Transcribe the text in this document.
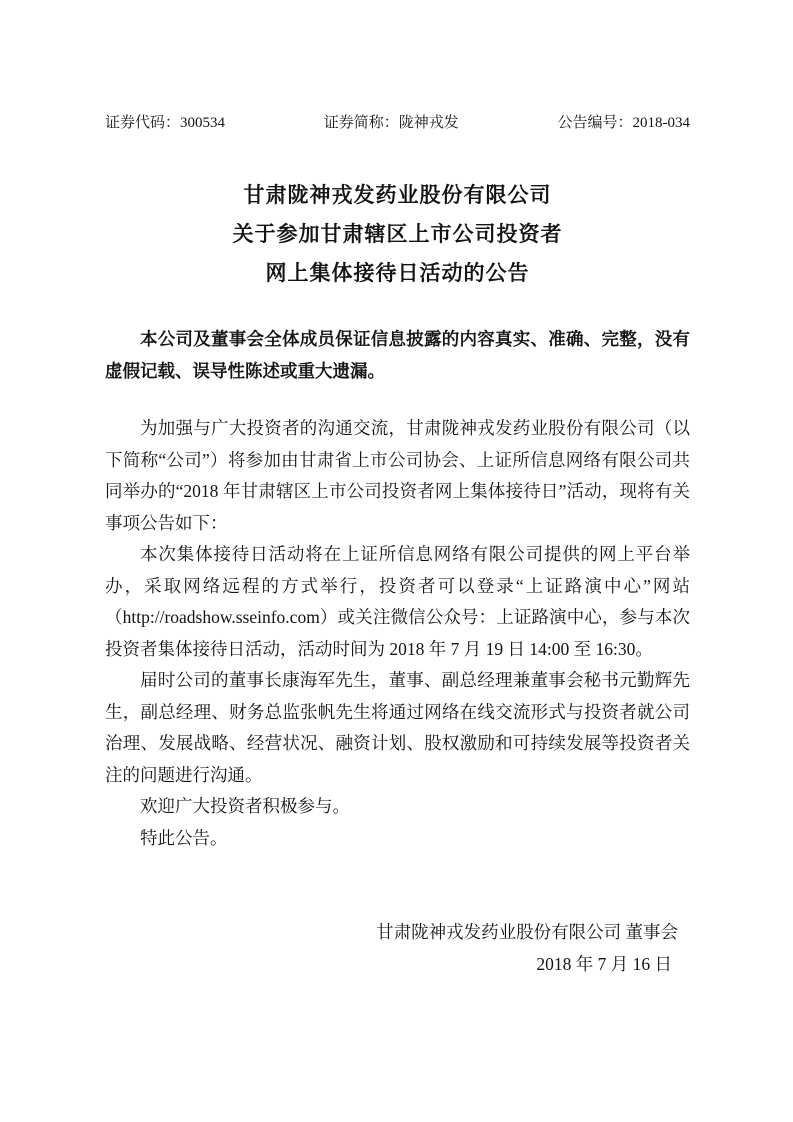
证券代码：300534	证券简称：陇神戎发	公告编号：2018-034
甘肃陇神戎发药业股份有限公司
关于参加甘肃辖区上市公司投资者
网上集体接待日活动的公告

本公司及董事会全体成员保证信息披露的内容真实、准确、完整，没有虚假记载、误导性陈述或重大遗漏。

为加强与广大投资者的沟通交流，甘肃陇神戎发药业股份有限公司（以下简称“公司”）将参加由甘肃省上市公司协会、上证所信息网络有限公司共同举办的“2018 年甘肃辖区上市公司投资者网上集体接待日”活动，现将有关事项公告如下：

本次集体接待日活动将在上证所信息网络有限公司提供的网上平台举办，采取网络远程的方式举行，投资者可以登录“上证路演中心”网站（http://roadshow.sseinfo.com）或关注微信公众号：上证路演中心，参与本次投资者集体接待日活动，活动时间为 2018 年 7 月 19 日 14:00 至 16:30。

届时公司的董事长康海军先生，董事、副总经理兼董事会秘书元勤辉先生，副总经理、财务总监张帆先生将通过网络在线交流形式与投资者就公司治理、发展战略、经营状况、融资计划、股权激励和可持续发展等投资者关注的问题进行沟通。

欢迎广大投资者积极参与。

特此公告。

甘肃陇神戎发药业股份有限公司 董事会
2018 年 7 月 16 日
